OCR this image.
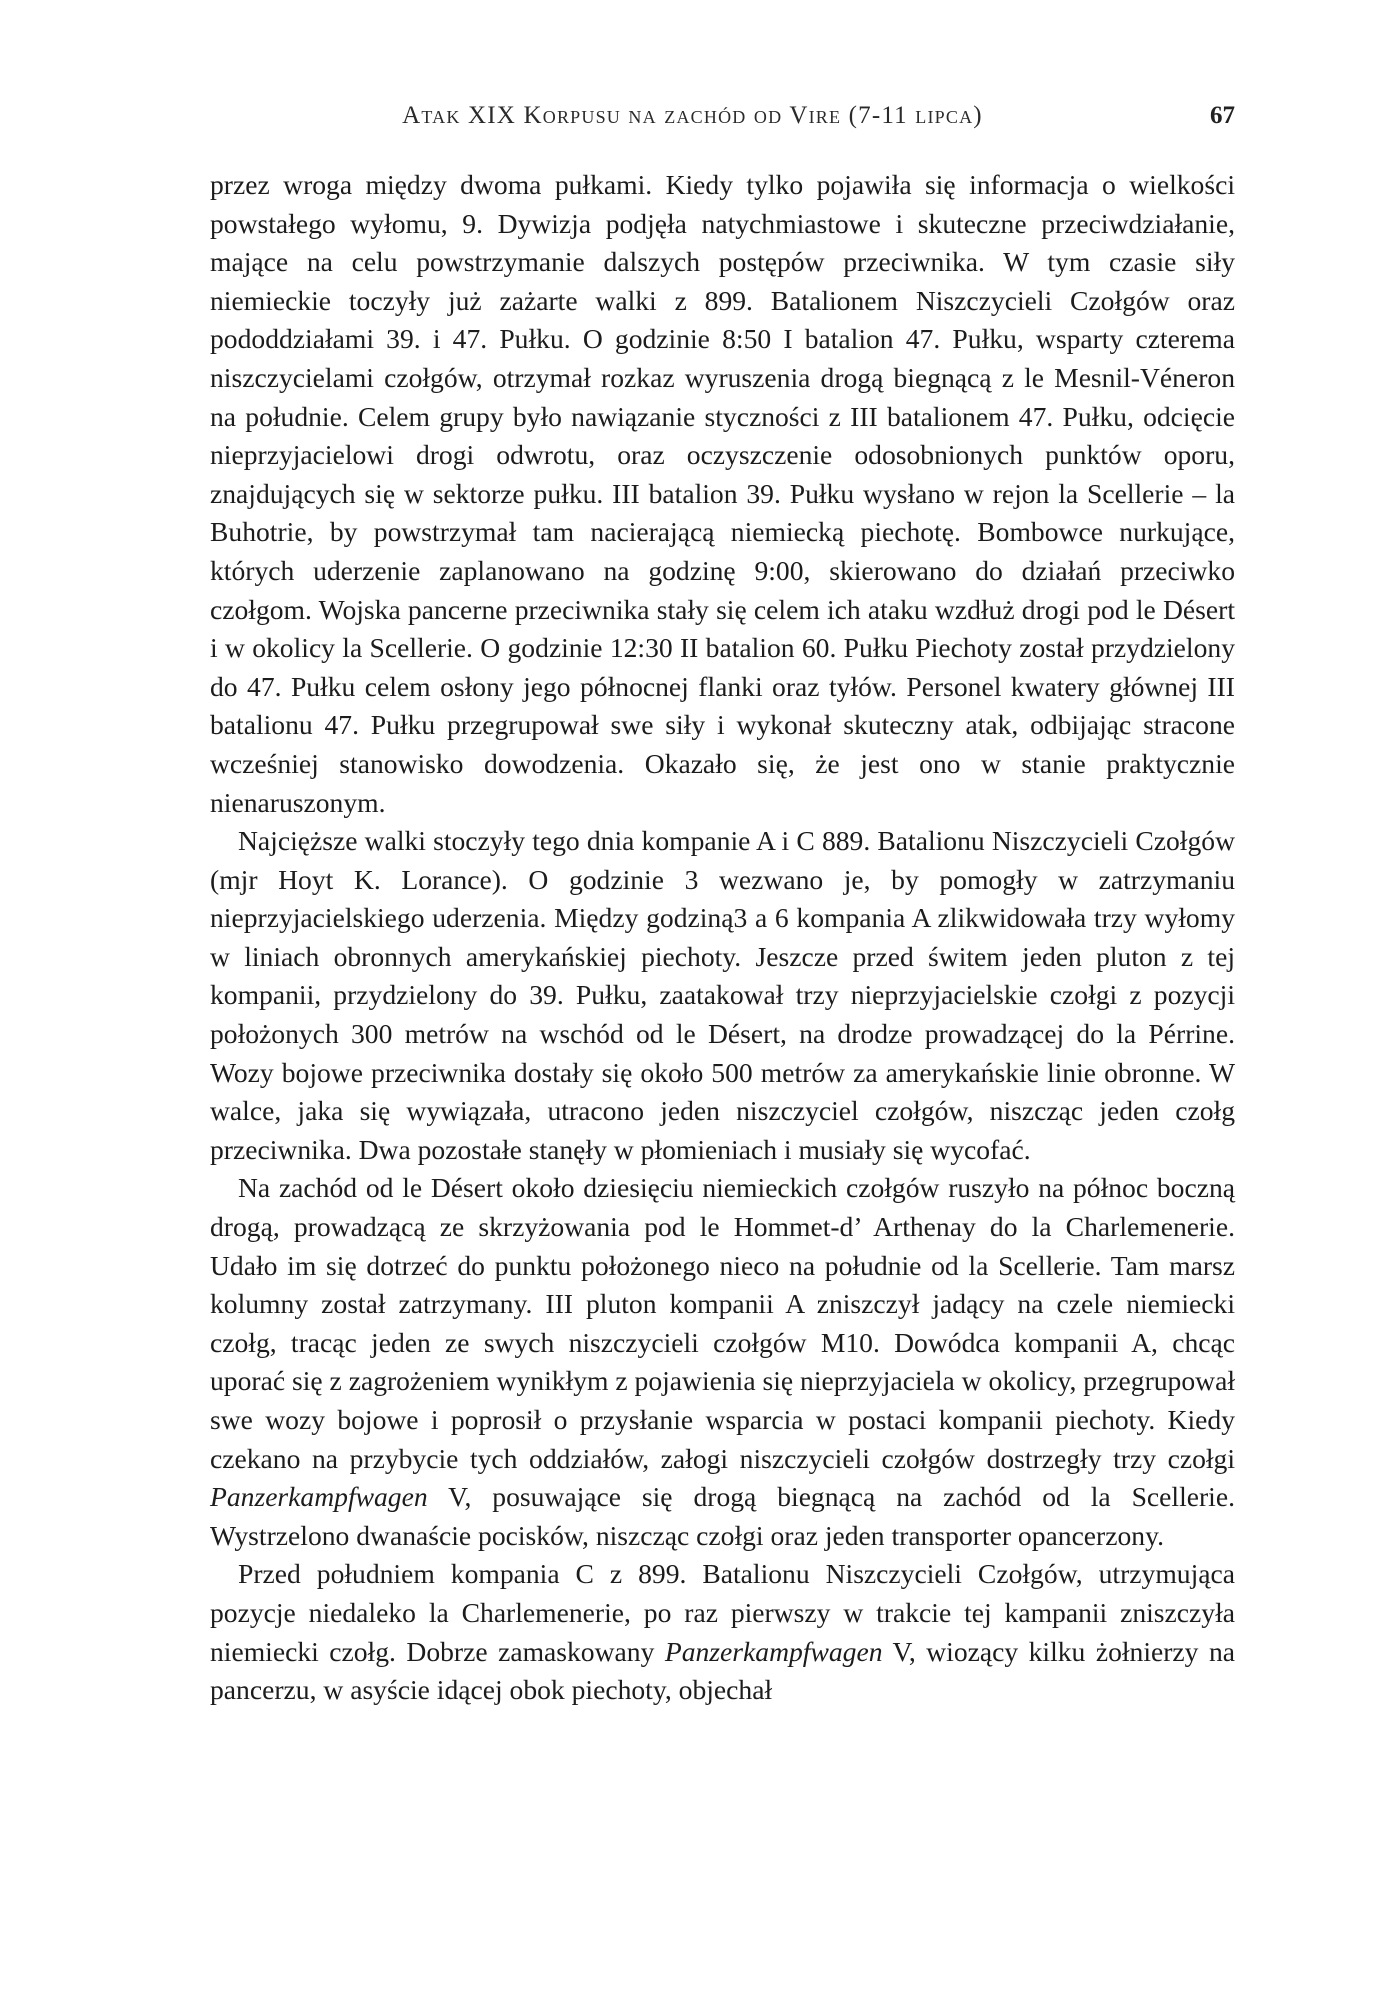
Atak XIX Korpusu na zachód od Vire (7-11 lipca)	67

przez wroga między dwoma pułkami. Kiedy tylko pojawiła się informacja o wielkości powstałego wyłomu, 9. Dywizja podjęła natychmiastowe i skuteczne przeciwdziałanie, mające na celu powstrzymanie dalszych postępów przeciwnika. W tym czasie siły niemieckie toczyły już zażarte walki z 899. Batalionem Niszczycieli Czołgów oraz pododdziałami 39. i 47. Pułku. O godzinie 8:50 I batalion 47. Pułku, wsparty czterema niszczycielami czołgów, otrzymał rozkaz wyruszenia drogą biegnącą z le Mesnil-Véneron na południe. Celem grupy było nawiązanie styczności z III batalionem 47. Pułku, odcięcie nieprzyjacielowi drogi odwrotu, oraz oczyszczenie odosobnionych punktów oporu, znajdujących się w sektorze pułku. III batalion 39. Pułku wysłano w rejon la Scellerie – la Buhotrie, by powstrzymał tam nacierającą niemiecką piechotę. Bombowce nurkujące, których uderzenie zaplanowano na godzinę 9:00, skierowano do działań przeciwko czołgom. Wojska pancerne przeciwnika stały się celem ich ataku wzdłuż drogi pod le Désert i w okolicy la Scellerie. O godzinie 12:30 II batalion 60. Pułku Piechoty został przydzielony do 47. Pułku celem osłony jego północnej flanki oraz tyłów. Personel kwatery głównej III batalionu 47. Pułku przegrupował swe siły i wykonał skuteczny atak, odbijając stracone wcześniej stanowisko dowodzenia. Okazało się, że jest ono w stanie praktycznie nienaruszonym.

Najcięższe walki stoczyły tego dnia kompanie A i C 889. Batalionu Niszczycieli Czołgów (mjr Hoyt K. Lorance). O godzinie 3 wezwano je, by pomogły w zatrzymaniu nieprzyjacielskiego uderzenia. Między godziną3 a 6 kompania A zlikwidowała trzy wyłomy w liniach obronnych amerykańskiej piechoty. Jeszcze przed świtem jeden pluton z tej kompanii, przydzielony do 39. Pułku, zaatakował trzy nieprzyjacielskie czołgi z pozycji położonych 300 metrów na wschód od le Désert, na drodze prowadzącej do la Pérrine. Wozy bojowe przeciwnika dostały się około 500 metrów za amerykańskie linie obronne. W walce, jaka się wywiązała, utracono jeden niszczyciel czołgów, niszcząc jeden czołg przeciwnika. Dwa pozostałe stanęły w płomieniach i musiały się wycofać.

Na zachód od le Désert około dziesięciu niemieckich czołgów ruszyło na północ boczną drogą, prowadzącą ze skrzyżowania pod le Hommet-d’ Arthenay do la Charlemenerie. Udało im się dotrzeć do punktu położonego nieco na południe od la Scellerie. Tam marsz kolumny został zatrzymany. III pluton kompanii A zniszczył jadący na czele niemiecki czołg, tracąc jeden ze swych niszczycieli czołgów M10. Dowódca kompanii A, chcąc uporać się z zagrożeniem wynikłym z pojawienia się nieprzyjaciela w okolicy, przegrupował swe wozy bojowe i poprosił o przysłanie wsparcia w postaci kompanii piechoty. Kiedy czekano na przybycie tych oddziałów, załogi niszczycieli czołgów dostrzegły trzy czołgi Panzerkampfwagen V, posuwające się drogą biegnącą na zachód od la Scellerie. Wystrzelono dwanaście pocisków, niszcząc czołgi oraz jeden transporter opancerzony.

Przed południem kompania C z 899. Batalionu Niszczycieli Czołgów, utrzymująca pozycje niedaleko la Charlemenerie, po raz pierwszy w trakcie tej kampanii zniszczyła niemiecki czołg. Dobrze zamaskowany Panzerkampfwagen V, wiozący kilku żołnierzy na pancerzu, w asyście idącej obok piechoty, objechał
